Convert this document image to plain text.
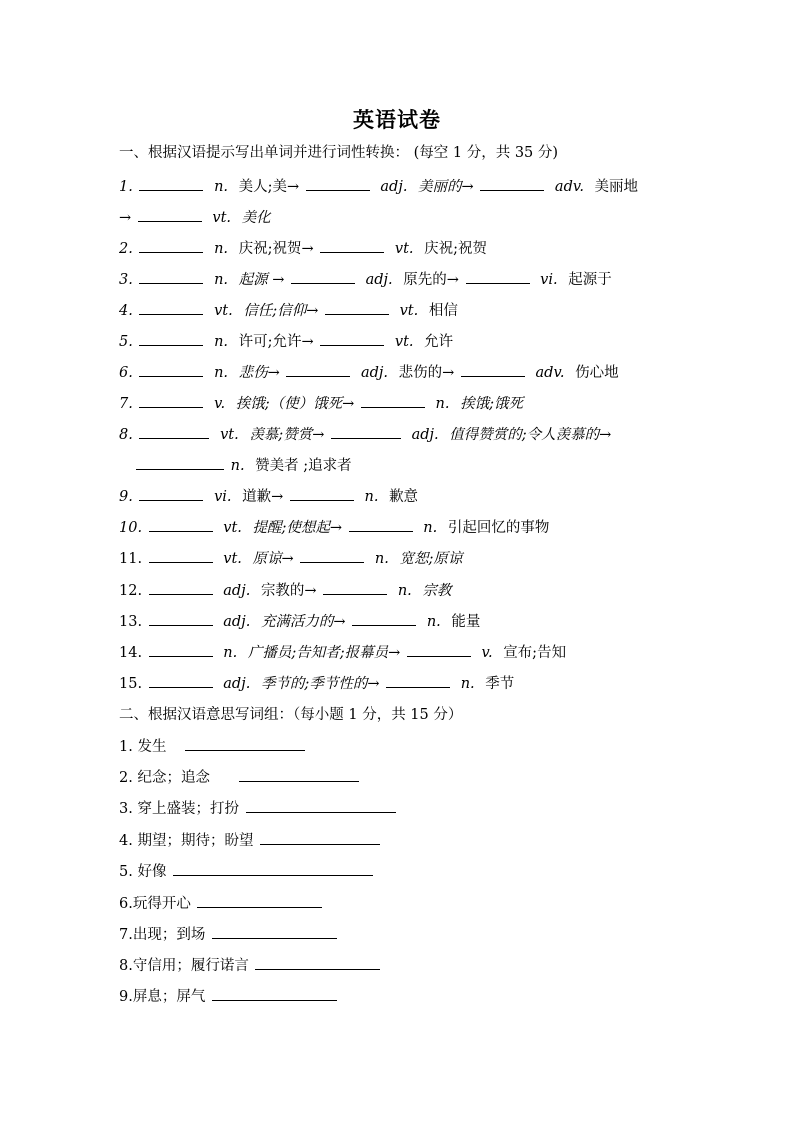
英语试卷
一、根据汉语提示写出单词并进行词性转换： (每空 1 分，共 35 分)
1.	n. 美人;美→	adj. 美丽的→	adv. 美丽地
→	vt. 美化
2.	n. 庆祝;祝贺→	vt. 庆祝;祝贺
3.	n. 起源 →	adj. 原先的→	vi. 起源于
4.	vt. 信任;信仰→	vt. 相信
5.	n. 许可;允许→	vt. 允许
6.	n. 悲伤→	adj. 悲伤的→	adv. 伤心地
7.	v. 挨饿;（使）饿死→	n. 挨饿;饿死
8.	vt. 羡慕;赞赏→	adj. 值得赞赏的;令人羡慕的→
n. 赞美者 ;追求者
9.	vi. 道歉→	n. 歉意
10.	vt. 提醒;使想起→	n. 引起回忆的事物
11.	vt. 原谅→	n. 宽恕;原谅
12.	adj. 宗教的→	n. 宗教
13.	adj. 充满活力的→	n. 能量
14.	n. 广播员;告知者;报幕员→	v. 宣布;告知
15.	adj. 季节的;季节性的→	n. 季节
二、根据汉语意思写词组：（每小题 1 分，共 15 分）
1. 发生
2. 纪念；追念
3. 穿上盛装；打扮
4. 期望；期待；盼望
5. 好像
6.玩得开心
7.出现；到场
8.守信用；履行诺言
9.屏息；屏气
